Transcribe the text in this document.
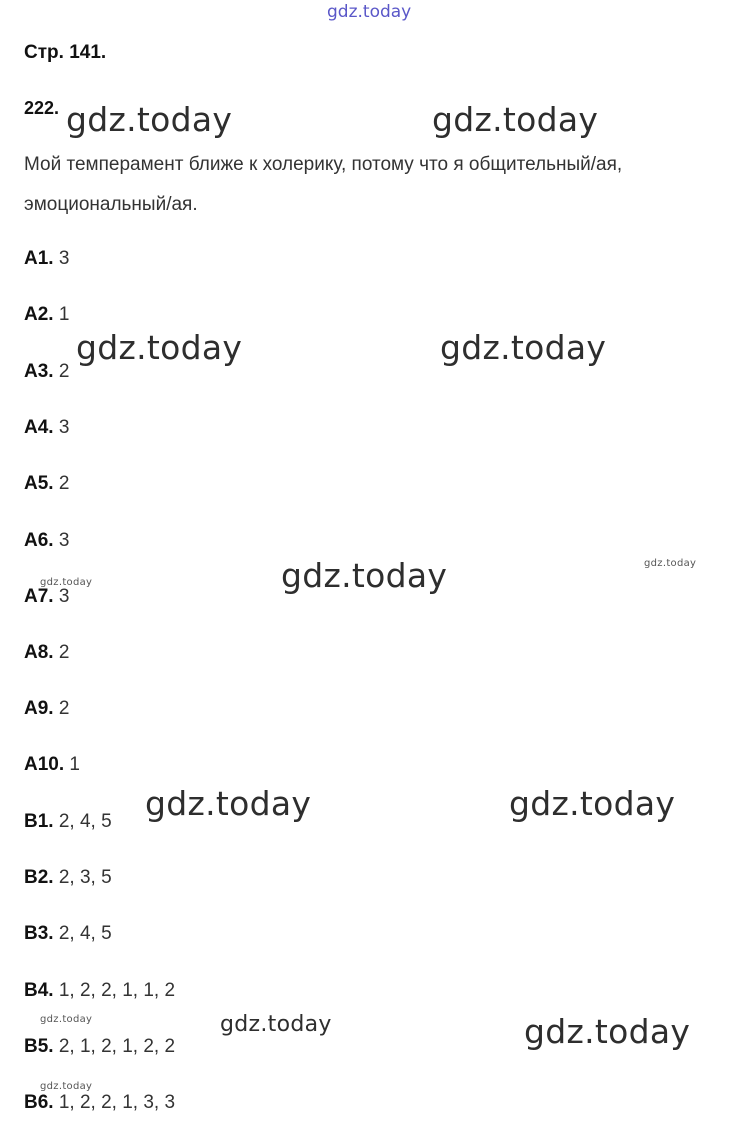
gdz.today
Стр. 141.
222.
Мой темперамент ближе к холерику, потому что я общительный/ая,
эмоциональный/ая.
А1. 3
А2. 1
А3. 2
А4. 3
А5. 2
А6. 3
А7. 3
А8. 2
А9. 2
А10. 1
В1. 2, 4, 5
В2. 2, 3, 5
В3. 2, 4, 5
В4. 1, 2, 2, 1, 1, 2
В5. 2, 1, 2, 1, 2, 2
В6. 1, 2, 2, 1, 3, 3
gdz.today	gdz.today
gdz.today	gdz.today
gdz.today	gdz.today
gdz.today
gdz.today	gdz.today
gdz.today	gdz.today	gdz.today
gdz.today
